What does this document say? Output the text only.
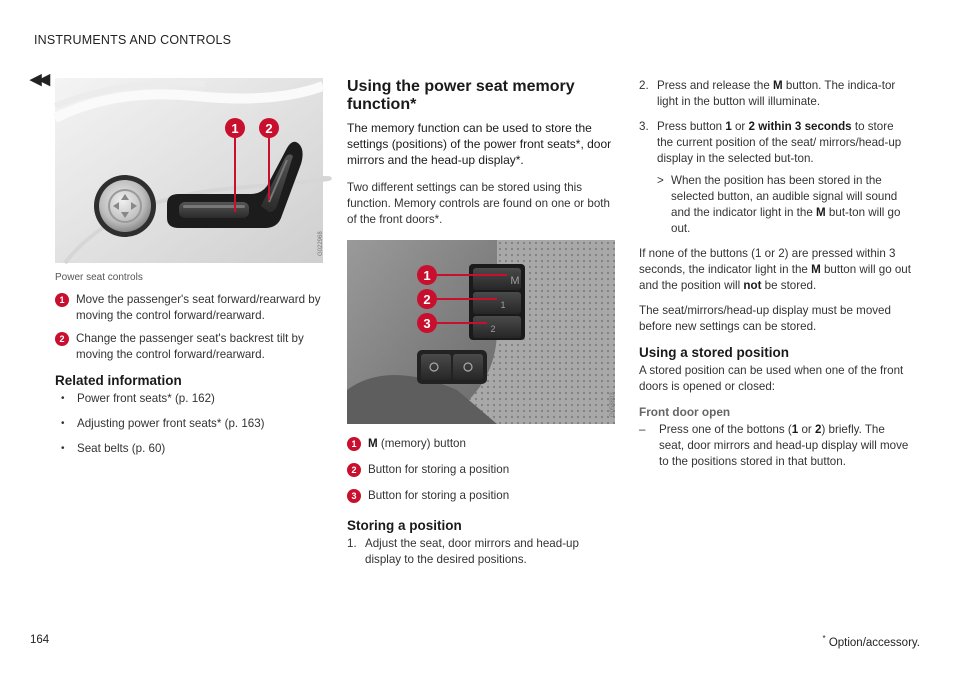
INSTRUMENTS AND CONTROLS
◀◀
1 2
G022968
Power seat controls
1 Move the passenger's seat forward/rearward by moving the control forward/rearward.
2 Change the passenger seat's backrest tilt by moving the control forward/rearward.
Related information
• Power front seats* (p. 162)
• Adjusting power front seats* (p. 163)
• Seat belts (p. 60)
Using the power seat memory function*
The memory function can be used to store the settings (positions) of the power front seats*, door mirrors and the head-up display*.
Two different settings can be stored using this function. Memory controls are found on one or both of the front doors*.
M
1
2
1
2
3
G058803
1 M (memory) button
2 Button for storing a position
3 Button for storing a position
Storing a position
1. Adjust the seat, door mirrors and head-up display to the desired positions.
2. Press and release the M button. The indica-tor light in the button will illuminate.
3. Press button 1 or 2 within 3 seconds to store the current position of the seat/ mirrors/head-up display in the selected but-ton.
> When the position has been stored in the selected button, an audible signal will sound and the indicator light in the M but-ton will go out.
If none of the buttons (1 or 2) are pressed within 3 seconds, the indicator light in the M button will go out and the position will not be stored.
The seat/mirrors/head-up display must be moved before new settings can be stored.
Using a stored position
A stored position can be used when one of the front doors is opened or closed:
Front door open
–	Press one of the bottons (1 or 2) briefly. The seat, door mirrors and head-up display will move to the positions stored in that button.
164	* Option/accessory.
